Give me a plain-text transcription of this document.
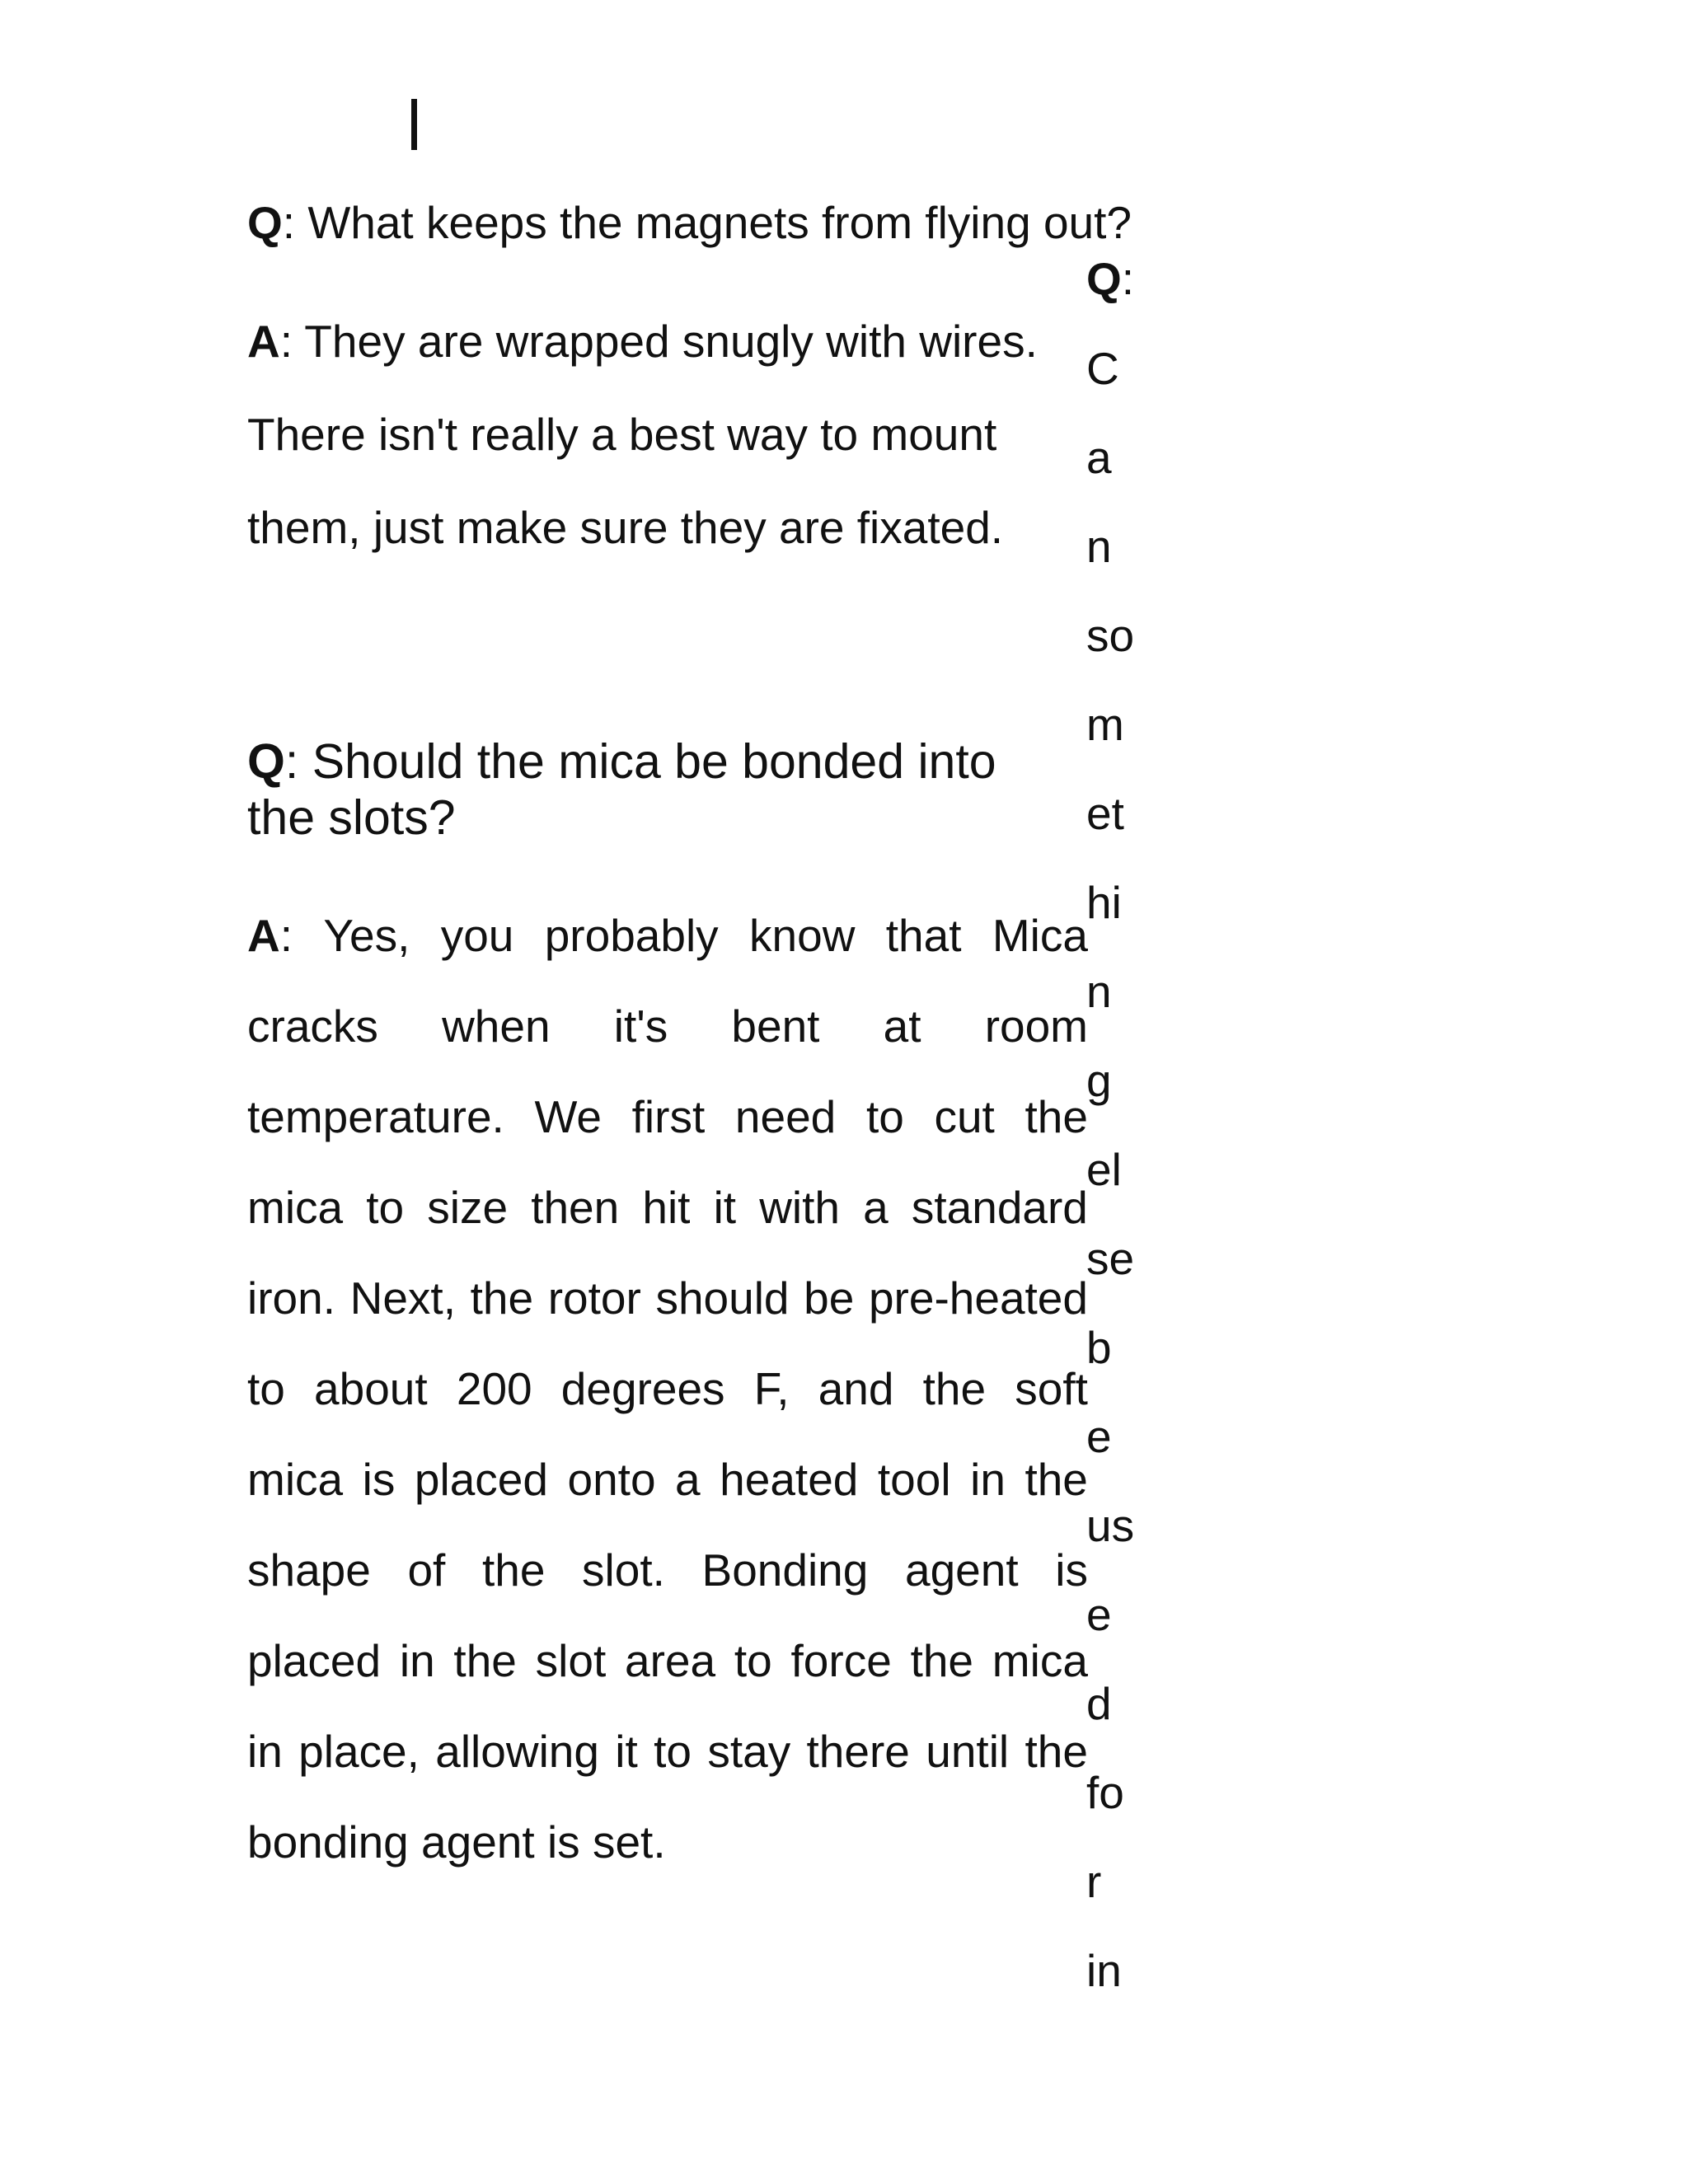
Q: What keeps the magnets from flying out?
A: They are wrapped snugly with wires.
There isn't really a best way to mount
them, just make sure they are fixated.
Q: Should the mica be bonded into the slots?
A: Yes, you probably know that Mica
cracks when it's bent at room
temperature. We first need to cut the
mica to size then hit it with a standard
iron. Next, the rotor should be pre-heated
to about 200 degrees F, and the soft
mica is placed onto a heated tool in the
shape of the slot. Bonding agent is
placed in the slot area to force the mica
in place, allowing it to stay there until the
bonding agent is set.
Q:
C
a
n
so
m
et
hi
n
g
el
se
b
e
us
e
d
fo
r
in
